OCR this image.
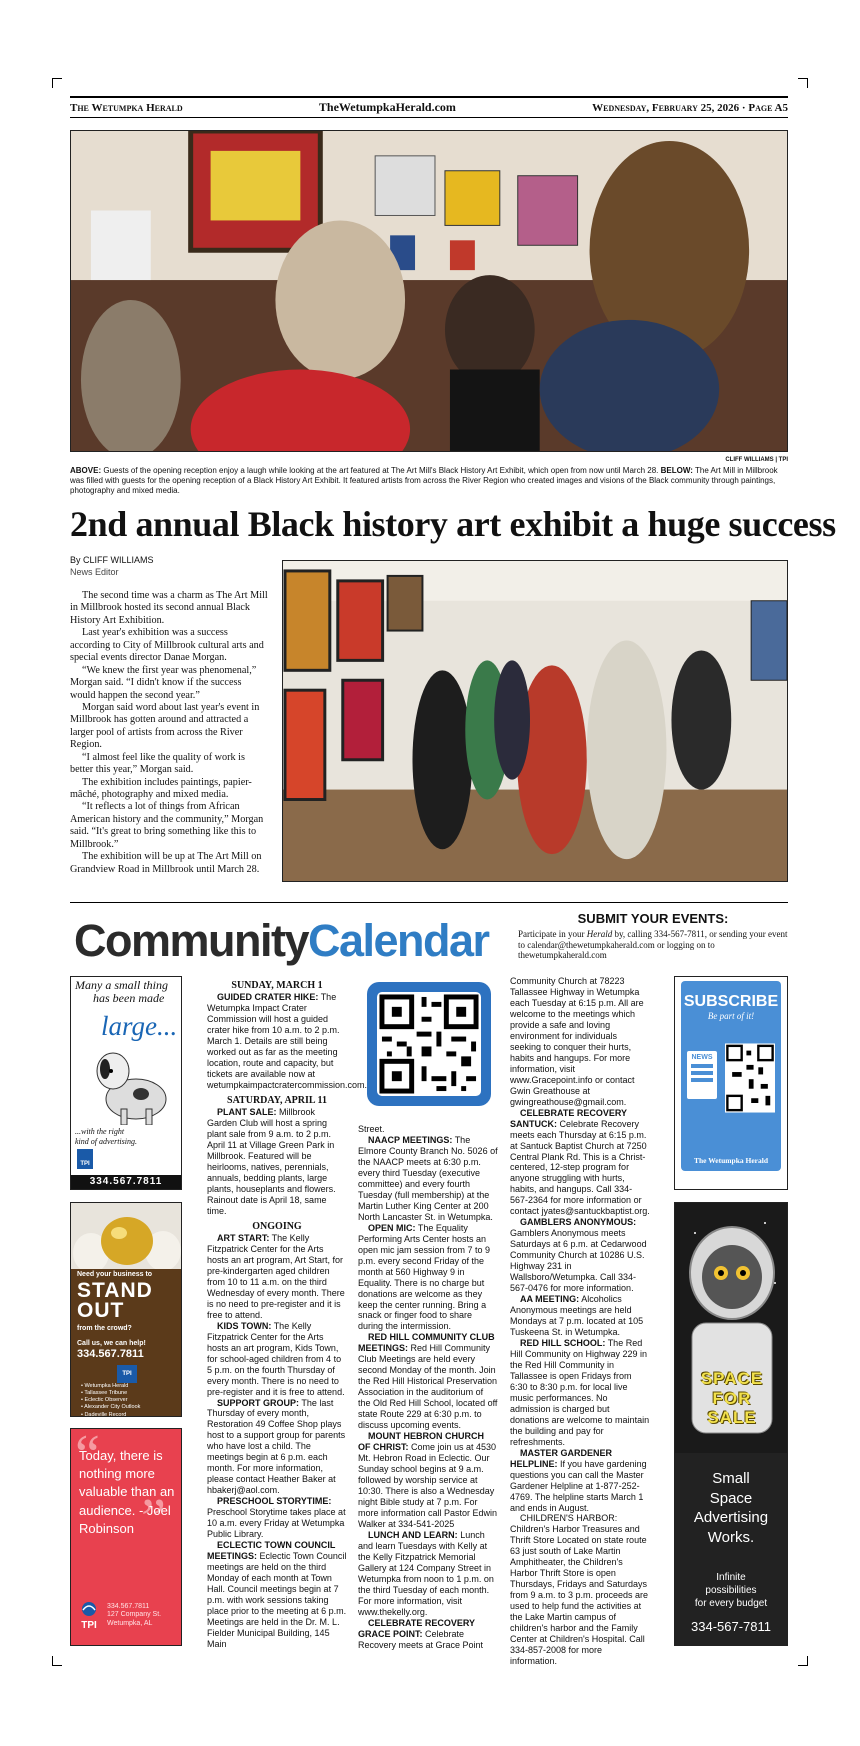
The Wetumpka Herald	TheWetumpkaHerald.com	Wednesday, February 25, 2026 · Page A5
CLIFF WILLIAMS | TPI
ABOVE: Guests of the opening reception enjoy a laugh while looking at the art featured at The Art Mill's Black History Art Exhibit, which open from now until March 28. BELOW: The Art Mill in Millbrook was filled with guests for the opening reception of a Black History Art Exhibit. It featured artists from across the River Region who created images and visions of the Black community through paintings, photography and mixed media.
2nd annual Black history art exhibit a huge success
By CLIFF WILLIAMS
News Editor

The second time was a charm as The Art Mill in Millbrook hosted its second annual Black History Art Exhibition.

Last year's exhibition was a success according to City of Millbrook cultural arts and special events director Danae Morgan.

“We knew the first year was phenomenal,” Morgan said. “I didn't know if the success would happen the second year.”

Morgan said word about last year's event in Millbrook has gotten around and attracted a larger pool of artists from across the River Region.

“I almost feel like the quality of work is better this year,” Morgan said.

The exhibition includes paintings, papier-mâché, photography and mixed media.

“It reflects a lot of things from African American history and the community,” Morgan said. “It's great to bring something like this to Millbrook.”

The exhibition will be up at The Art Mill on Grandview Road in Millbrook until March 28.

CommunityCalendar	SUBMIT YOUR EVENTS:

Participate in your Herald by, calling 334-567-7811, or sending your event to calendar@thewetumpkaherald.com or logging on to thewetumpkaherald.com

SUNDAY, MARCH 1

GUIDED CRATER HIKE: The Wetumpka Impact Crater Commission will host a guided crater hike from 10 a.m. to 2 p.m. March 1. Details are still being worked out as far as the meeting location, route and capacity, but tickets are available now at wetumpkaimpactcratercommission.com.

SATURDAY, APRIL 11

PLANT SALE: Millbrook Garden Club will host a spring plant sale from 9 a.m. to 2 p.m. April 11 at Village Green Park in Millbrook. Featured will be heirlooms, natives, perennials, annuals, bedding plants, large plants, houseplants and flowers. Rainout date is April 18, same time.

ONGOING

ART START: The Kelly Fitzpatrick Center for the Arts hosts an art program, Art Start, for pre-kindergarten aged children from 10 to 11 a.m. on the third Wednesday of every month. There is no need to pre-register and it is free to attend.

KIDS TOWN: The Kelly Fitzpatrick Center for the Arts hosts an art program, Kids Town, for school-aged children from 4 to 5 p.m. on the fourth Thursday of every month. There is no need to pre-register and it is free to attend.

SUPPORT GROUP: The last Thursday of every month, Restoration 49 Coffee Shop plays host to a support group for parents who have lost a child. The meetings begin at 6 p.m. each month. For more information, please contact Heather Baker at hbakerj@aol.com.

PRESCHOOL STORYTIME: Preschool Storytime takes place at 10 a.m. every Friday at Wetumpka Public Library.

ECLECTIC TOWN COUNCIL MEETINGS: Eclectic Town Council meetings are held on the third Monday of each month at Town Hall. Council meetings begin at 7 p.m. with work sessions taking place prior to the meeting at 6 p.m. Meetings are held in the Dr. M. L. Fielder Municipal Building, 145 Main

Street.

NAACP MEETINGS: The Elmore County Branch No. 5026 of the NAACP meets at 6:30 p.m. every third Tuesday (executive committee) and every fourth Tuesday (full membership) at the Martin Luther King Center at 200 North Lancaster St. in Wetumpka.

OPEN MIC: The Equality Performing Arts Center hosts an open mic jam session from 7 to 9 p.m. every second Friday of the month at 560 Highway 9 in Equality. There is no charge but donations are welcome as they keep the center running. Bring a snack or finger food to share during the intermission.

RED HILL COMMUNITY CLUB MEETINGS: Red Hill Community Club Meetings are held every second Monday of the month. Join the Red Hill Historical Preservation Association in the auditorium of the Old Red Hill School, located off state Route 229 at 6:30 p.m. to discuss upcoming events.

MOUNT HEBRON CHURCH OF CHRIST: Come join us at 4530 Mt. Hebron Road in Eclectic. Our Sunday school begins at 9 a.m. followed by worship service at 10:30. There is also a Wednesday night Bible study at 7 p.m. For more information call Pastor Edwin Walker at 334-541-2025

LUNCH AND LEARN: Lunch and learn Tuesdays with Kelly at the Kelly Fitzpatrick Memorial Gallery at 124 Company Street in Wetumpka from noon to 1 p.m. on the third Tuesday of each month. For more information, visit www.thekelly.org.

CELEBRATE RECOVERY GRACE POINT: Celebrate Recovery meets at Grace Point

Community Church at 78223 Tallassee Highway in Wetumpka each Tuesday at 6:15 p.m. All are welcome to the meetings which provide a safe and loving environment for individuals seeking to conquer their hurts, habits and hangups. For more information, visit www.Gracepoint.info or contact Gwin Greathouse at gwingreathouse@gmail.com.

CELEBRATE RECOVERY SANTUCK: Celebrate Recovery meets each Thursday at 6:15 p.m. at Santuck Baptist Church at 7250 Central Plank Rd. This is a Christ-centered, 12-step program for anyone struggling with hurts, habits, and hangups. Call 334-567-2364 for more information or contact jyates@santuckbaptist.org.

GAMBLERS ANONYMOUS: Gamblers Anonymous meets Saturdays at 6 p.m. at Cedarwood Community Church at 10286 U.S. Highway 231 in Wallsboro/Wetumpka. Call 334-567-0476 for more information.

AA MEETING: Alcoholics Anonymous meetings are held Mondays at 7 p.m. located at 105 Tuskeena St. in Wetumpka.

RED HILL SCHOOL: The Red Hill Community on Highway 229 in the Red Hill Community in Tallassee is open Fridays from 6:30 to 8:30 p.m. for local live music performances. No admission is charged but donations are welcome to maintain the building and pay for refreshments.

MASTER GARDENER HELPLINE: If you have gardening questions you can call the Master Gardener Helpline at 1-877-252-4769. The helpline starts March 1 and ends in August.

CHILDREN'S HARBOR: Children's Harbor Treasures and Thrift Store Located on state route 63 just south of Lake Martin Amphitheater, the Children's Harbor Thrift Store is open Thursdays, Fridays and Saturdays from 9 a.m. to 3 p.m. proceeds are used to help fund the activities at the Lake Martin campus of children's harbor and the Family Center at Children's Hospital. Call 334-857-2008 for more information.

Many a small thing
has been made
large...
...with the right
kind of advertising.
TPI
334.567.7811
Need your business to
STAND
OUT
from the crowd?
Call us, we can help!
334.567.7811
TPI
• Wetumpka Herald
• Tallassee Tribune
• Eclectic Observer
• Alexander City Outlook
• Dadeville Record
“
”
Today, there is nothing more valuable than an audience. - Joel Robinson
TPI
334.567.7811
127 Company St.
Wetumpka, AL
SUBSCRIBE
Be part of it!
NEWS
The Wetumpka Herald
SPACE
FOR
SALE
Small
Space
Advertising
Works.
Infinite
possibilities
for every budget
334-567-7811
